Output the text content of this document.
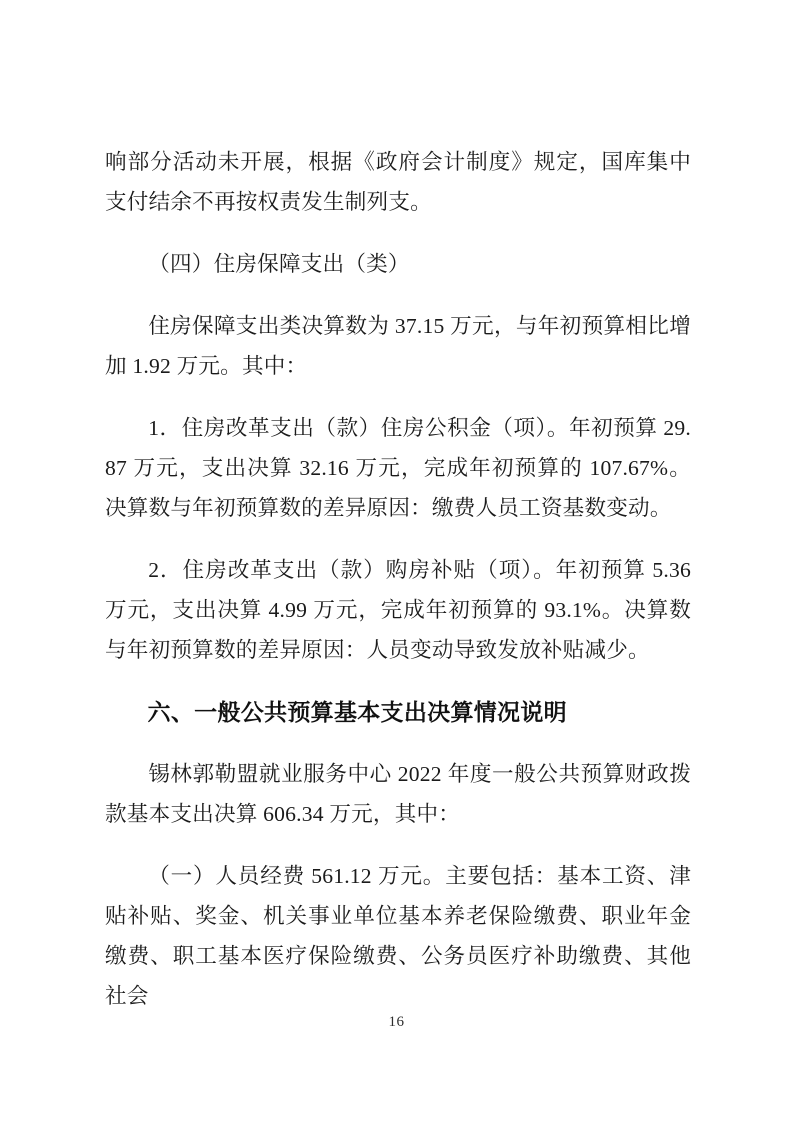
响部分活动未开展，根据《政府会计制度》规定，国库集中支付结余不再按权责发生制列支。

（四）住房保障支出（类）

住房保障支出类决算数为 37.15 万元，与年初预算相比增加 1.92 万元。其中：

1．住房改革支出（款）住房公积金（项）。年初预算 29.87 万元，支出决算 32.16 万元，完成年初预算的 107.67%。决算数与年初预算数的差异原因：缴费人员工资基数变动。

2．住房改革支出（款）购房补贴（项）。年初预算 5.36 万元，支出决算 4.99 万元，完成年初预算的 93.1%。决算数与年初预算数的差异原因：人员变动导致发放补贴减少。

六、一般公共预算基本支出决算情况说明

锡林郭勒盟就业服务中心 2022 年度一般公共预算财政拨款基本支出决算 606.34 万元，其中：

（一）人员经费 561.12 万元。主要包括：基本工资、津贴补贴、奖金、机关事业单位基本养老保险缴费、职业年金缴费、职工基本医疗保险缴费、公务员医疗补助缴费、其他社会

16
